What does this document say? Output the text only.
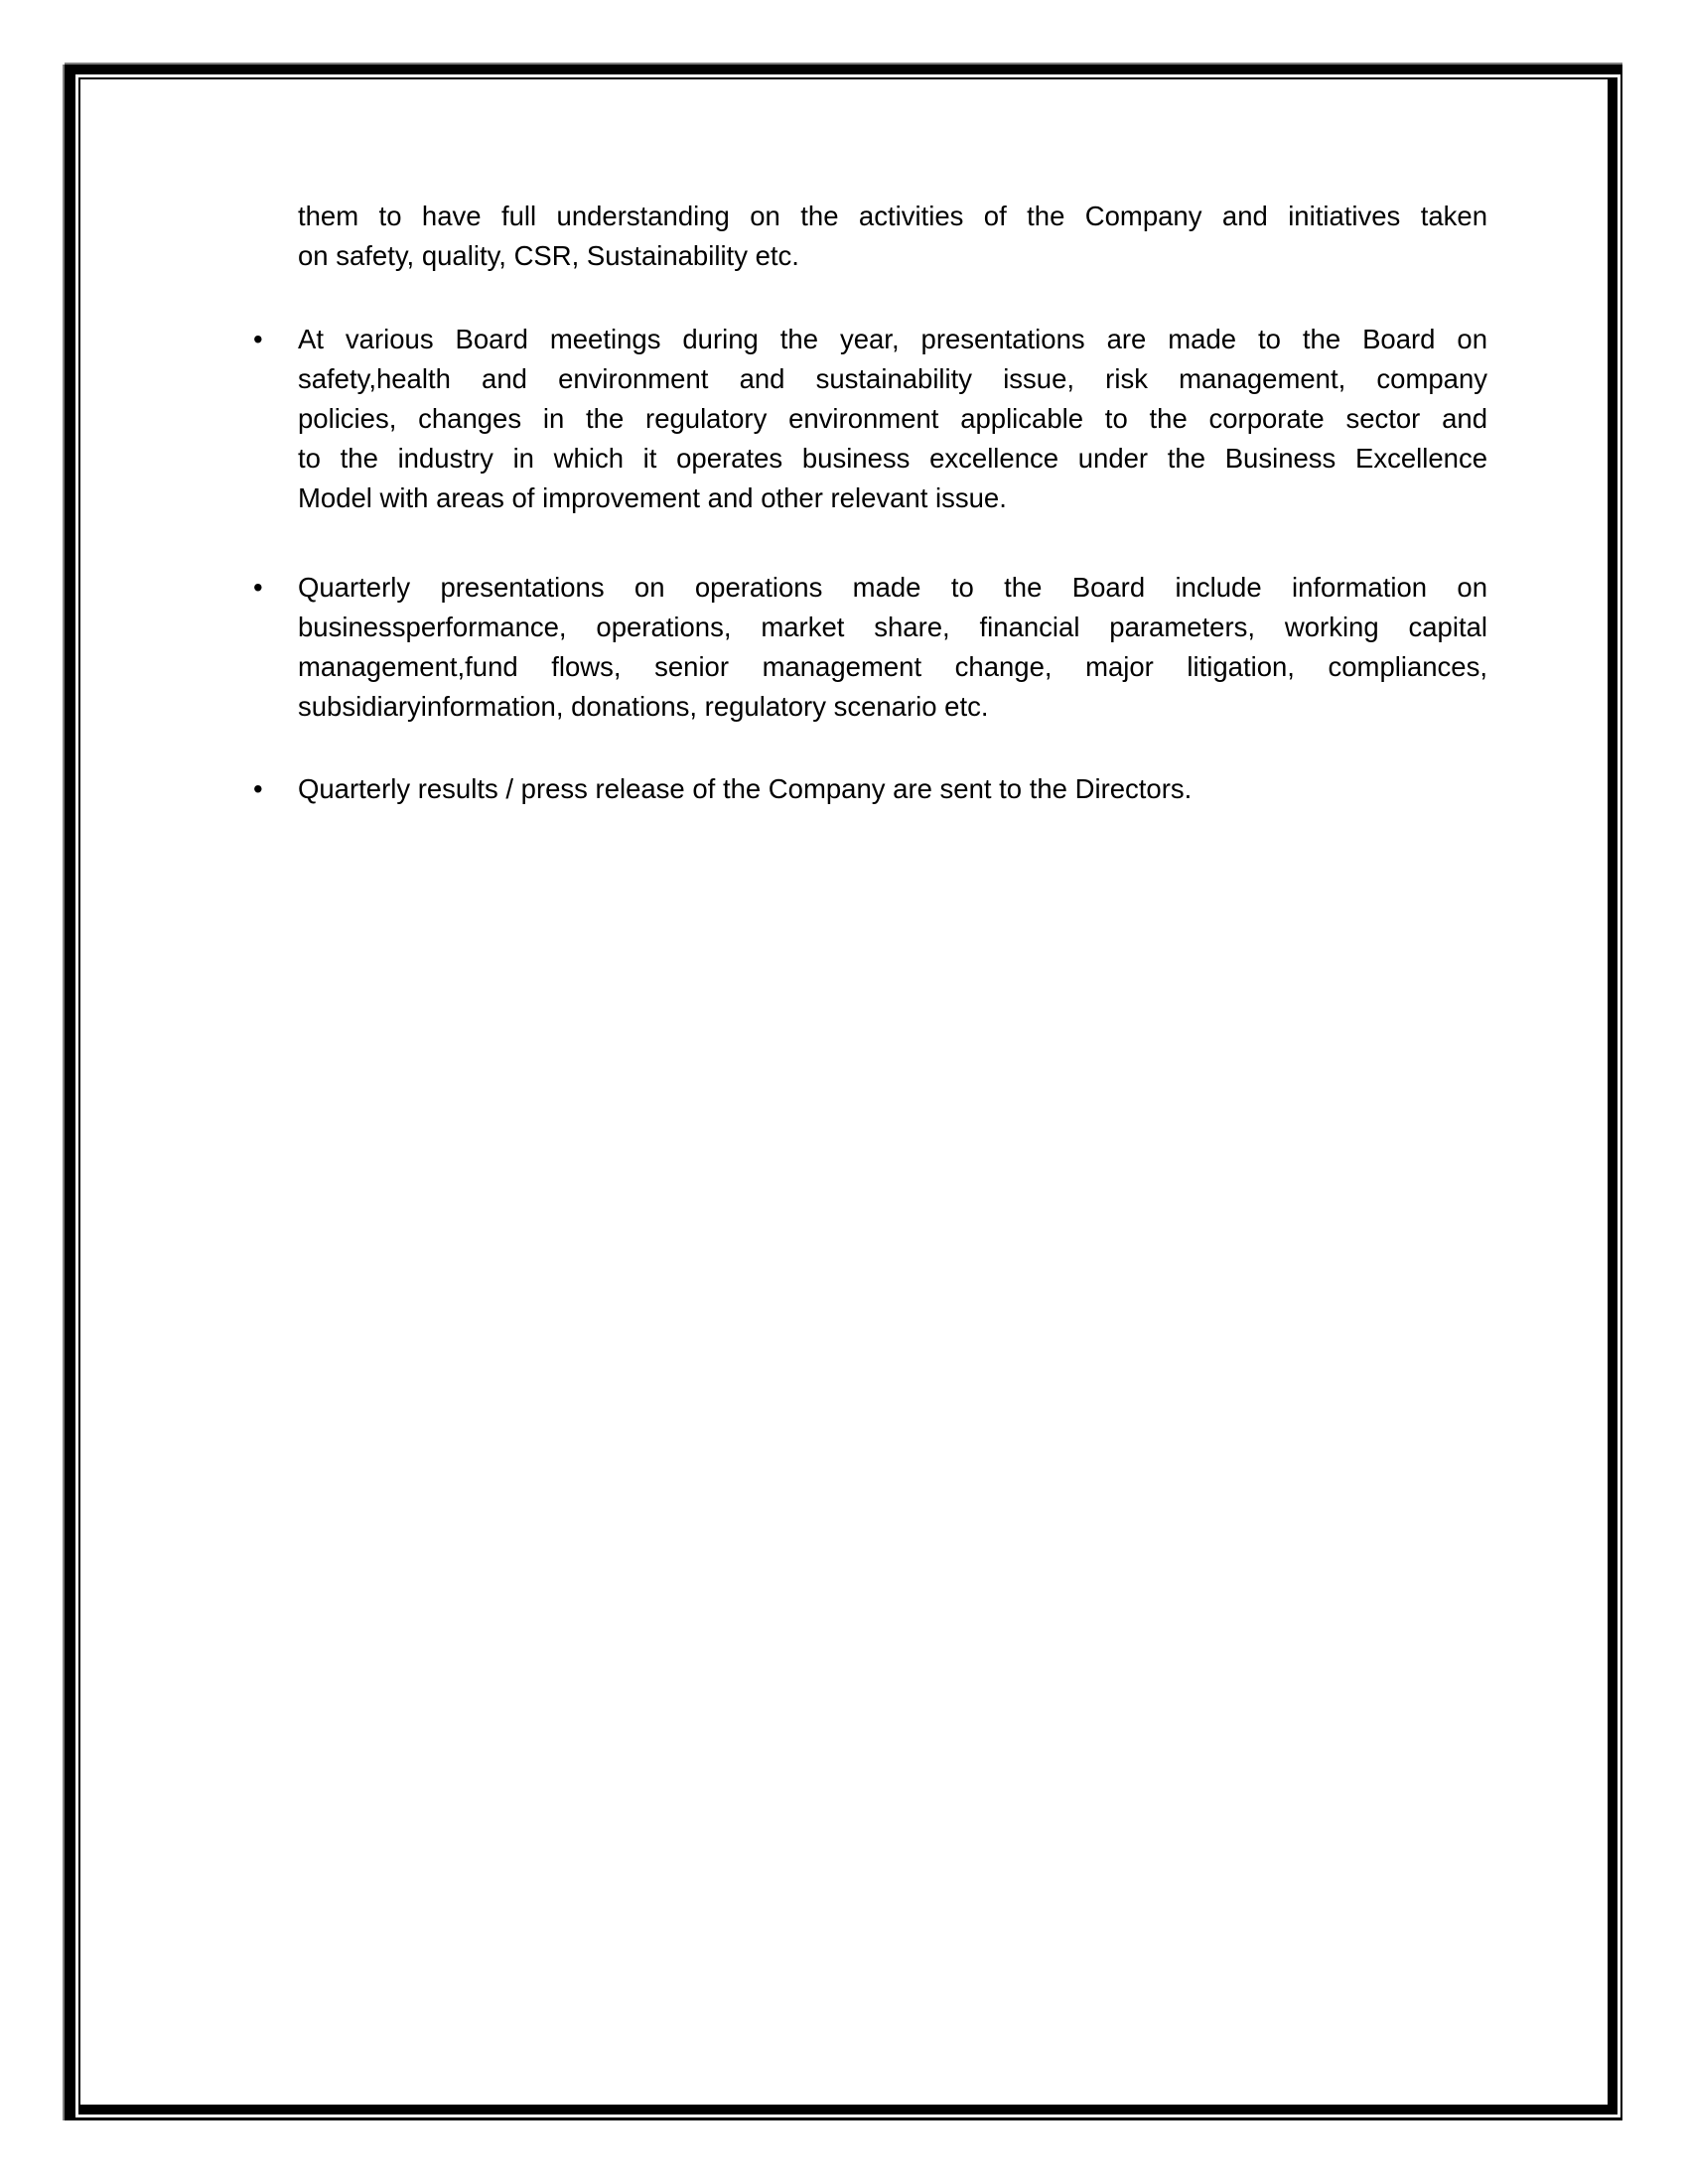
them to have full understanding on the activities of the Company and initiatives taken
on safety, quality, CSR, Sustainability etc.
•	At various Board meetings during the year, presentations are made to the Board on
safety,health and environment and sustainability issue, risk management, company
policies, changes in the regulatory environment applicable to the corporate sector and
to the industry in which it operates business excellence under the Business Excellence
Model with areas of improvement and other relevant issue.
•	Quarterly presentations on operations made to the Board include information on
businessperformance, operations, market share, financial parameters, working capital
management,fund flows, senior management change, major litigation, compliances,
subsidiaryinformation, donations, regulatory scenario etc.
•	Quarterly results / press release of the Company are sent to the Directors.
